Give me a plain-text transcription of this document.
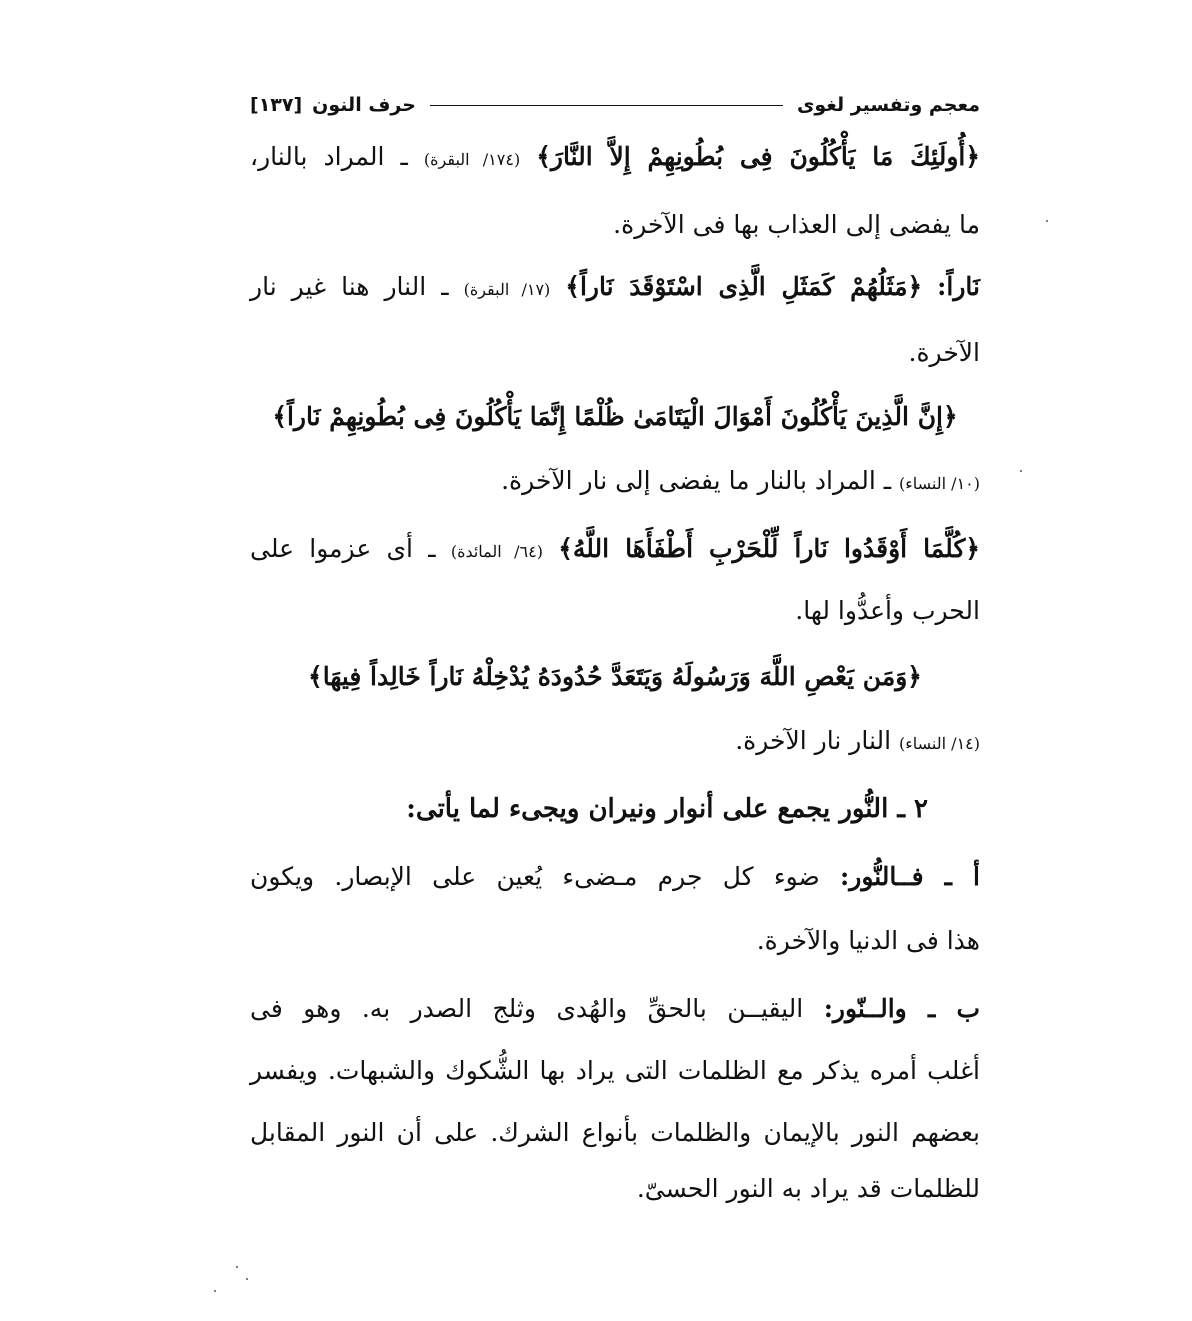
معجم وتفسير لغوى
حرف النون
[١٣٧]
﴿أُولَئِكَ مَا يَأْكُلُونَ فِى بُطُونِهِمْ إِلاَّ النَّارَ﴾ (١٧٤/ البقرة) ـ المراد بالنار،
ما يفضى إلى العذاب بها فى الآخرة.
نَاراً: ﴿مَثَلُهُمْ كَمَثَلِ الَّذِى اسْتَوْقَدَ نَاراً﴾ (١٧/ البقرة) ـ النار هنا غير نار
الآخرة.
﴿إِنَّ الَّذِينَ يَأْكُلُونَ أَمْوَالَ الْيَتَامَىٰ ظُلْمًا إِنَّمَا يَأْكُلُونَ فِى بُطُونِهِمْ نَاراً﴾
(١٠/ النساء) ـ المراد بالنار ما يفضى إلى نار الآخرة.
﴿كُلَّمَا أَوْقَدُوا نَاراً لِّلْحَرْبِ أَطْفَأَهَا اللَّهُ﴾ (٦٤/ المائدة) ـ أى عزموا على
الحرب وأعدُّوا لها.
﴿وَمَن يَعْصِ اللَّهَ وَرَسُولَهُ وَيَتَعَدَّ حُدُودَهُ يُدْخِلْهُ نَاراً خَالِداً فِيهَا﴾
(١٤/ النساء) النار نار الآخرة.
٢ ـ النُّور يجمع على أنوار ونيران ويجىء لما يأتى:
أ ـ فــالنُّور: ضوء كل جرم مـضىء يُعين على الإبصار. ويكون
هذا فى الدنيا والآخرة.
ب ـ والــنّور: اليقيــن بالحقِّ والهُدى وثلج الصدر به. وهو فى
أغلب أمره يذكر مع الظلمات التى يراد بها الشُّكوك والشبهات. ويفسر
بعضهم النور بالإيمان والظلمات بأنواع الشرك. على أن النور المقابل
للظلمات قد يراد به النور الحسىّ.
